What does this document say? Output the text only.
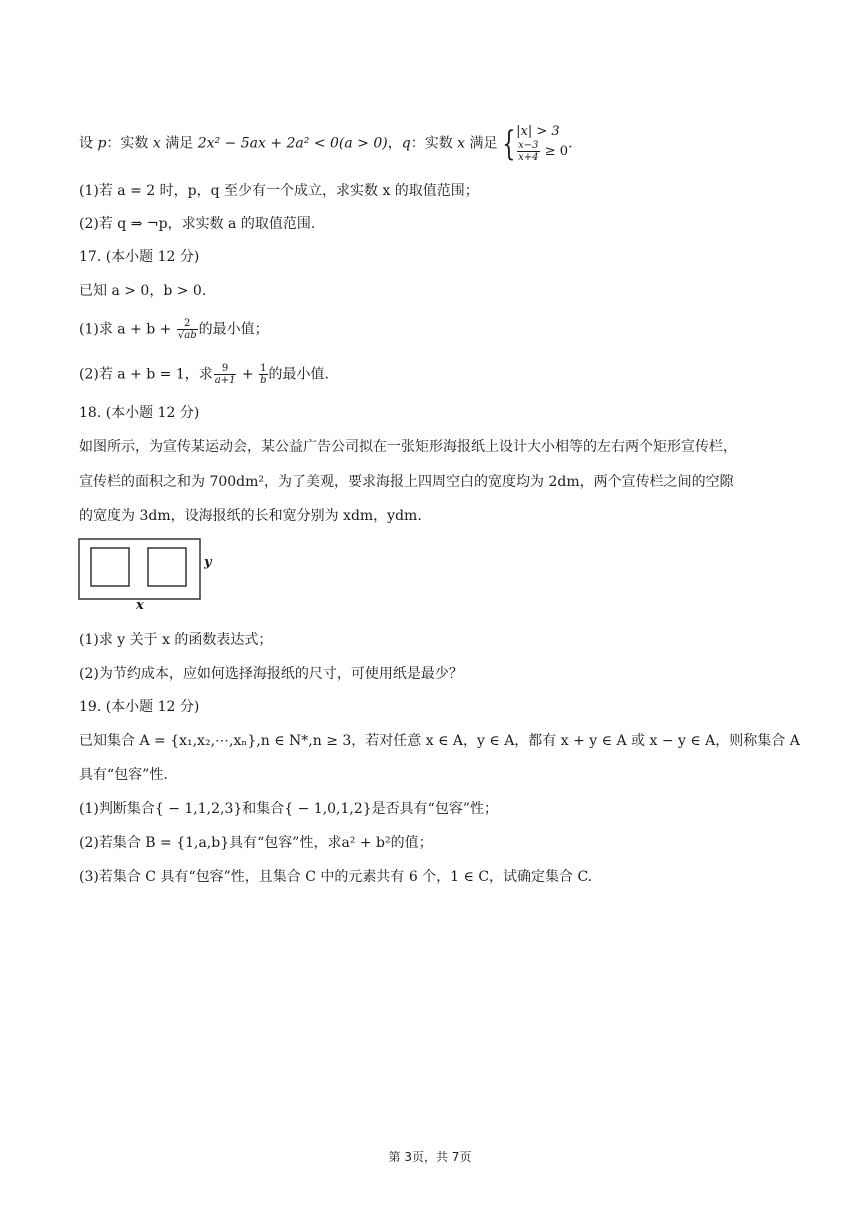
设 p：实数 x 满足 2x² − 5ax + 2a² < 0(a > 0)，q：实数 x 满足 { |x| > 3
$\frac{x-3}{x+4} \ge 0$ .
(1)若 a = 2 时，p，q 至少有一个成立，求实数 x 的取值范围；
(2)若 q ⇒ ¬p，求实数 a 的取值范围.
17. (本小题 12 分)
已知 a > 0，b > 0.
(1)求 $a + b + \frac{2}{√ab}$ 的最小值；
(2)若 a + b = 1，求 $\frac{9}{a+1} + \frac{1}{b}$ 的最小值.
18. (本小题 12 分)
如图所示，为宣传某运动会，某公益广告公司拟在一张矩形海报纸上设计大小相等的左右两个矩形宣传栏，
宣传栏的面积之和为 700dm²，为了美观，要求海报上四周空白的宽度均为 2dm，两个宣传栏之间的空隙
的宽度为 3dm，设海报纸的长和宽分别为 xdm，ydm.
y
x
(1)求 y 关于 x 的函数表达式；
(2)为节约成本，应如何选择海报纸的尺寸，可使用纸是最少？
19. (本小题 12 分)
已知集合 A = {x₁,x₂,⋯,xₙ},n ∈ N*,n ≥ 3，若对任意 x ∈ A，y ∈ A，都有 x + y ∈ A 或 x − y ∈ A，则称集合 A
具有“包容”性.
(1)判断集合{ − 1,1,2,3}和集合{ − 1,0,1,2}是否具有“包容”性；
(2)若集合 B = {1,a,b}具有“包容”性，求a² + b²的值；
(3)若集合 C 具有“包容”性，且集合 C 中的元素共有 6 个，1 ∈ C，试确定集合 C.
第 3页，共 7页
